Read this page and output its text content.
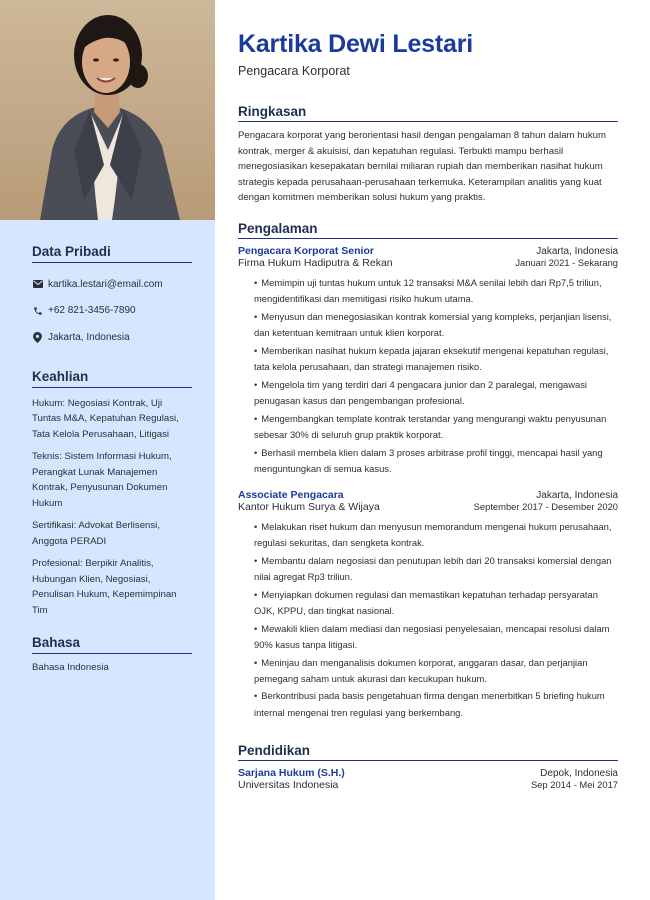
Data Pribadi
kartika.lestari@email.com
+62 821-3456-7890
Jakarta, Indonesia
Keahlian
Hukum: Negosiasi Kontrak, Uji Tuntas M&A, Kepatuhan Regulasi, Tata Kelola Perusahaan, Litigasi
Teknis: Sistem Informasi Hukum, Perangkat Lunak Manajemen Kontrak, Penyusunan Dokumen Hukum
Sertifikasi: Advokat Berlisensi, Anggota PERADI
Profesional: Berpikir Analitis, Hubungan Klien, Negosiasi, Penulisan Hukum, Kepemimpinan Tim
Bahasa
Bahasa Indonesia
Kartika Dewi Lestari
Pengacara Korporat
Ringkasan
Pengacara korporat yang berorientasi hasil dengan pengalaman 8 tahun dalam hukum kontrak, merger & akuisisi, dan kepatuhan regulasi. Terbukti mampu berhasil menegosiasikan kesepakatan bernilai miliaran rupiah dan memberikan nasihat hukum strategis kepada perusahaan-perusahaan terkemuka. Keterampilan analitis yang kuat dengan komitmen memberikan solusi hukum yang praktis.
Pengalaman
Pengacara Korporat Senior	Jakarta, Indonesia
Firma Hukum Hadiputra & Rekan	Januari 2021 - Sekarang
• Memimpin uji tuntas hukum untuk 12 transaksi M&A senilai lebih dari Rp7,5 triliun, mengidentifikasi dan memitigasi risiko hukum utama.
• Menyusun dan menegosiasikan kontrak komersial yang kompleks, perjanjian lisensi, dan ketentuan kemitraan untuk klien korporat.
• Memberikan nasihat hukum kepada jajaran eksekutif mengenai kepatuhan regulasi, tata kelola perusahaan, dan strategi manajemen risiko.
• Mengelola tim yang terdiri dari 4 pengacara junior dan 2 paralegal, mengawasi penugasan kasus dan pengembangan profesional.
• Mengembangkan template kontrak terstandar yang mengurangi waktu penyusunan sebesar 30% di seluruh grup praktik korporat.
• Berhasil membela klien dalam 3 proses arbitrase profil tinggi, mencapai hasil yang menguntungkan di semua kasus.
Associate Pengacara	Jakarta, Indonesia
Kantor Hukum Surya & Wijaya	September 2017 - Desember 2020
• Melakukan riset hukum dan menyusun memorandum mengenai hukum perusahaan, regulasi sekuritas, dan sengketa kontrak.
• Membantu dalam negosiasi dan penutupan lebih dari 20 transaksi komersial dengan nilai agregat Rp3 triliun.
• Menyiapkan dokumen regulasi dan memastikan kepatuhan terhadap persyaratan OJK, KPPU, dan tingkat nasional.
• Mewakili klien dalam mediasi dan negosiasi penyelesaian, mencapai resolusi dalam 90% kasus tanpa litigasi.
• Meninjau dan menganalisis dokumen korporat, anggaran dasar, dan perjanjian pemegang saham untuk akurasi dan kecukupan hukum.
• Berkontribusi pada basis pengetahuan firma dengan menerbitkan 5 briefing hukum internal mengenai tren regulasi yang berkembang.
Pendidikan
Sarjana Hukum (S.H.)	Depok, Indonesia
Universitas Indonesia	Sep 2014 - Mei 2017
